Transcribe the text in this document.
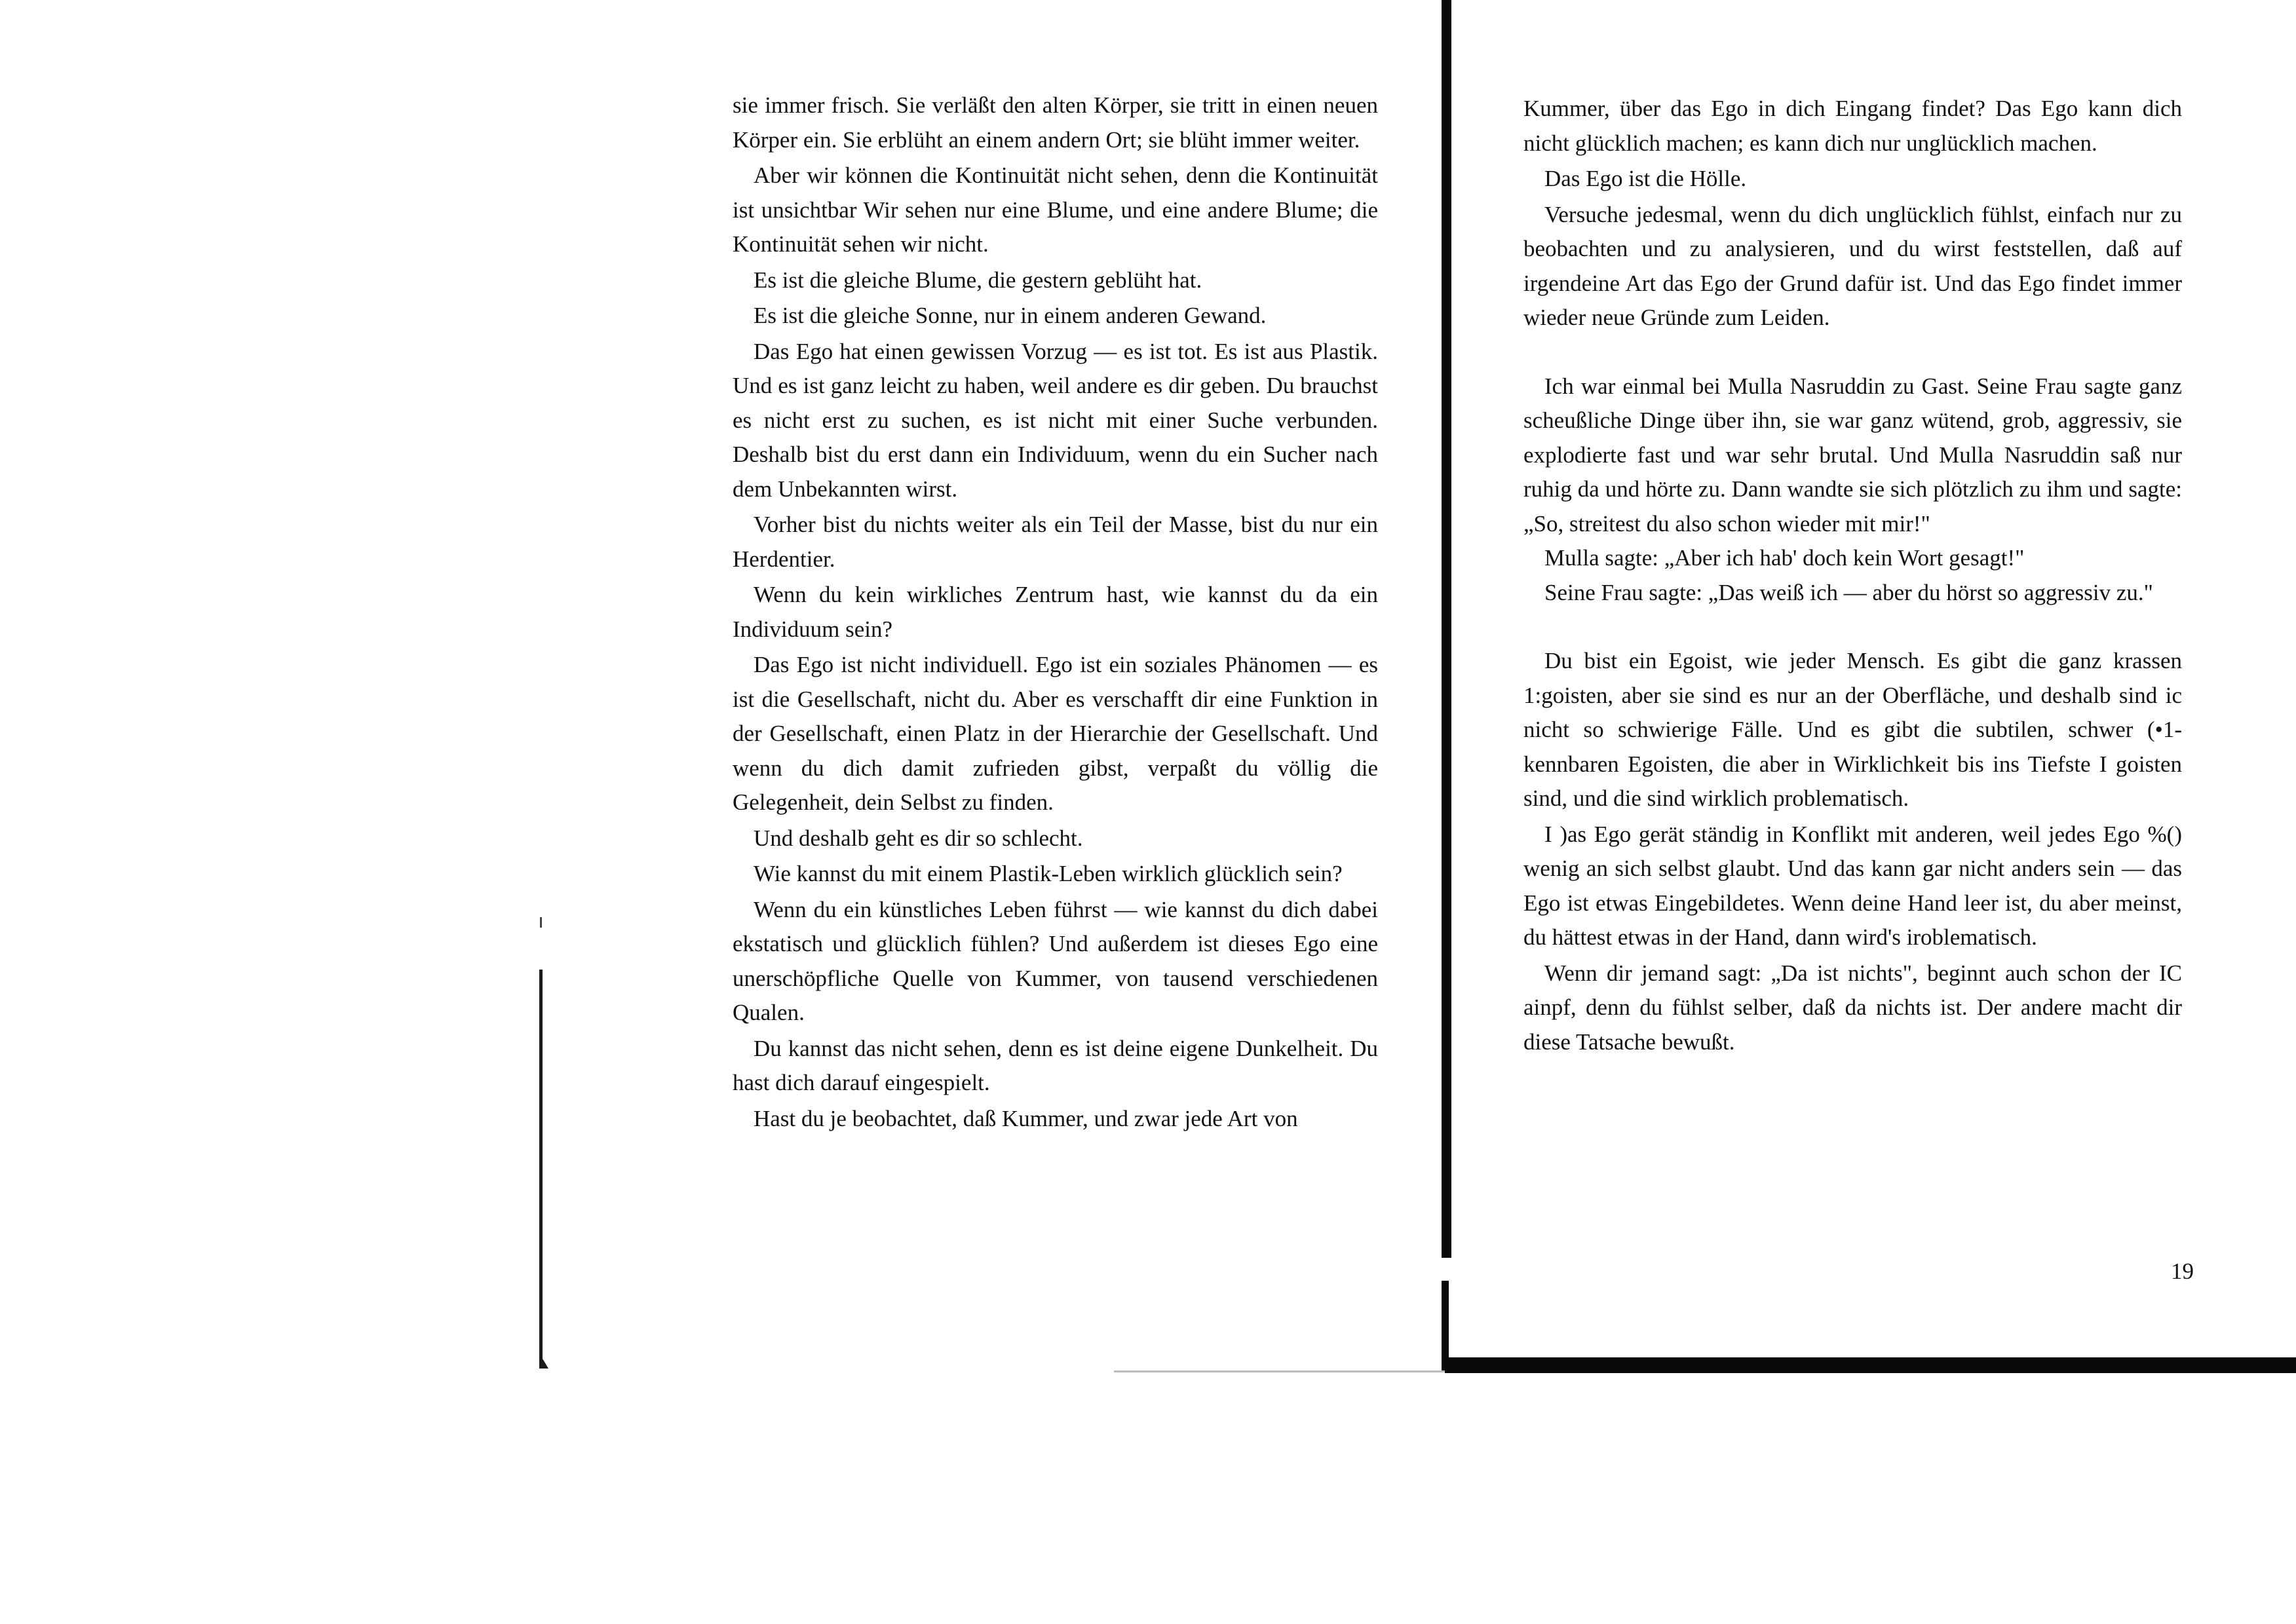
sie immer frisch. Sie verläßt den alten Körper, sie tritt in einen neuen Körper ein. Sie erblüht an einem andern Ort; sie blüht immer weiter.

Aber wir können die Kontinuität nicht sehen, denn die Kontinuität ist unsichtbar Wir sehen nur eine Blume, und eine andere Blume; die Kontinuität sehen wir nicht.

Es ist die gleiche Blume, die gestern geblüht hat.

Es ist die gleiche Sonne, nur in einem anderen Gewand.

Das Ego hat einen gewissen Vorzug — es ist tot. Es ist aus Plastik. Und es ist ganz leicht zu haben, weil andere es dir geben. Du brauchst es nicht erst zu suchen, es ist nicht mit einer Suche verbunden. Deshalb bist du erst dann ein Individuum, wenn du ein Sucher nach dem Unbekannten wirst.

Vorher bist du nichts weiter als ein Teil der Masse, bist du nur ein Herdentier.

Wenn du kein wirkliches Zentrum hast, wie kannst du da ein Individuum sein?

Das Ego ist nicht individuell. Ego ist ein soziales Phänomen — es ist die Gesellschaft, nicht du. Aber es verschafft dir eine Funktion in der Gesellschaft, einen Platz in der Hierarchie der Gesellschaft. Und wenn du dich damit zufrieden gibst, verpaßt du völlig die Gelegenheit, dein Selbst zu finden.

Und deshalb geht es dir so schlecht.

Wie kannst du mit einem Plastik-Leben wirklich glücklich sein?

Wenn du ein künstliches Leben führst — wie kannst du dich dabei ekstatisch und glücklich fühlen? Und außerdem ist dieses Ego eine unerschöpfliche Quelle von Kummer, von tausend verschiedenen Qualen.

Du kannst das nicht sehen, denn es ist deine eigene Dunkelheit. Du hast dich darauf eingespielt.

Hast du je beobachtet, daß Kummer, und zwar jede Art von

Kummer, über das Ego in dich Eingang findet? Das Ego kann dich nicht glücklich machen; es kann dich nur unglücklich machen.

Das Ego ist die Hölle.

Versuche jedesmal, wenn du dich unglücklich fühlst, einfach nur zu beobachten und zu analysieren, und du wirst feststellen, daß auf irgendeine Art das Ego der Grund dafür ist. Und das Ego findet immer wieder neue Gründe zum Leiden.

Ich war einmal bei Mulla Nasruddin zu Gast. Seine Frau sagte ganz scheußliche Dinge über ihn, sie war ganz wütend, grob, aggressiv, sie explodierte fast und war sehr brutal. Und Mulla Nasruddin saß nur ruhig da und hörte zu. Dann wandte sie sich plötzlich zu ihm und sagte: „So, streitest du also schon wieder mit mir!"

Mulla sagte: „Aber ich hab' doch kein Wort gesagt!"

Seine Frau sagte: „Das weiß ich — aber du hörst so aggressiv zu."

Du bist ein Egoist, wie jeder Mensch. Es gibt die ganz krassen 1:goisten, aber sie sind es nur an der Oberfläche, und deshalb sind ic nicht so schwierige Fälle. Und es gibt die subtilen, schwer (•1-kennbaren Egoisten, die aber in Wirklichkeit bis ins Tiefste I goisten sind, und die sind wirklich problematisch.

I )as Ego gerät ständig in Konflikt mit anderen, weil jedes Ego %() wenig an sich selbst glaubt. Und das kann gar nicht anders sein — das Ego ist etwas Eingebildetes. Wenn deine Hand leer ist, du aber meinst, du hättest etwas in der Hand, dann wird's iroblematisch.

Wenn dir jemand sagt: „Da ist nichts", beginnt auch schon der IC ainpf, denn du fühlst selber, daß da nichts ist. Der andere macht dir diese Tatsache bewußt.

19
